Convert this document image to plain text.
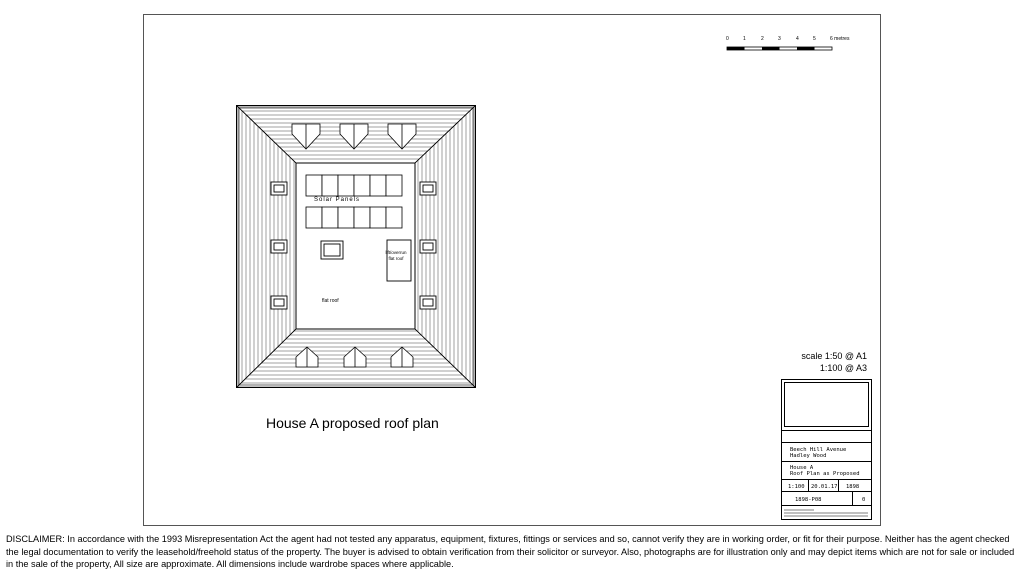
0	1	2	3	4	5	6 metres
Solar Panels
flat roof
lift/overrun flat roof
House A proposed roof plan
scale 1:50 @ A1
1:100 @ A3
Beech Hill Avenue
Hadley Wood
House A
Roof Plan as Proposed
1:100 20.01.17 1898
1898-P08	0
DISCLAIMER: In accordance with the 1993 Misrepresentation Act the agent had not tested any apparatus, equipment, fixtures, fittings or services and so, cannot verify they are in working order, or fit for their purpose. Neither has the agent checked the legal documentation to verify the leasehold/freehold status of the property. The buyer is advised to obtain verification from their solicitor or surveyor. Also, photographs are for illustration only and may depict items which are not for sale or included in the sale of the property, All size are approximate. All dimensions include wardrobe spaces where applicable.
